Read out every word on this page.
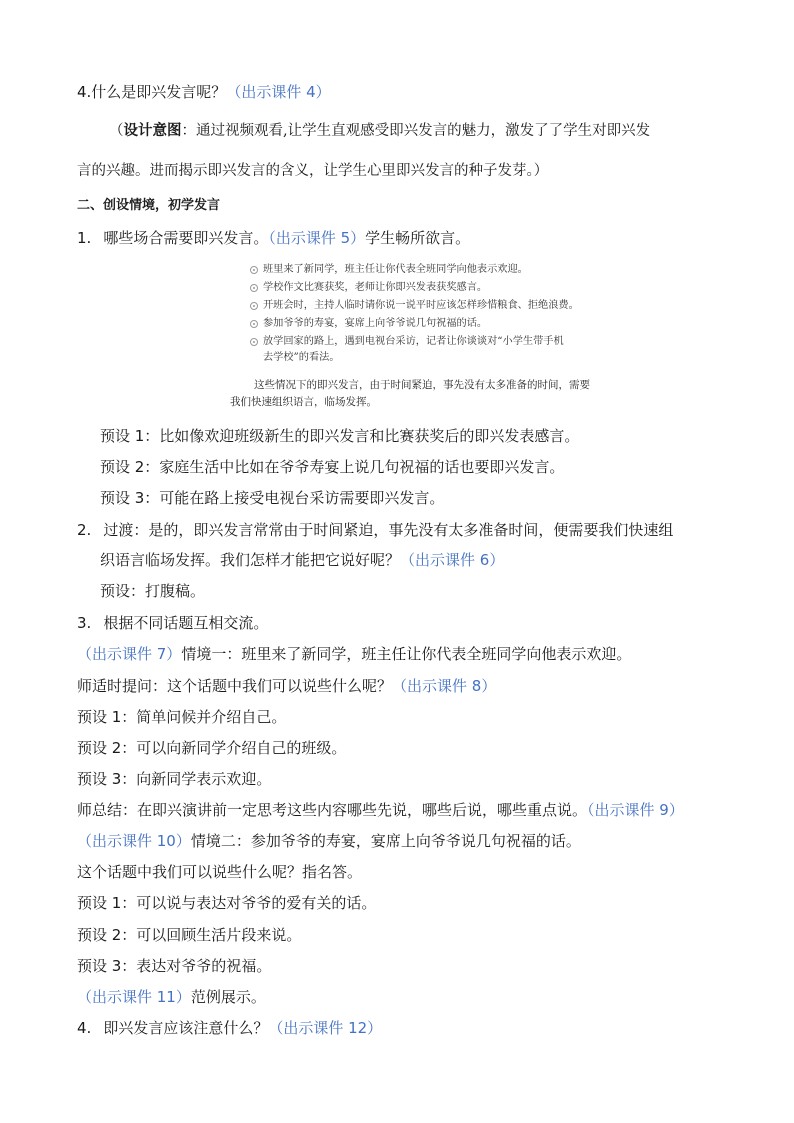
4.什么是即兴发言呢？（出示课件 4）
（设计意图：通过视频观看,让学生直观感受即兴发言的魅力，激发了了学生对即兴发
言的兴趣。进而揭示即兴发言的含义，让学生心里即兴发言的种子发芽。）
二、创设情境，初学发言
1. 哪些场合需要即兴发言。（出示课件 5）学生畅所欲言。
班里来了新同学，班主任让你代表全班同学向他表示欢迎。
学校作文比赛获奖，老师让你即兴发表获奖感言。
开班会时，主持人临时请你说一说平时应该怎样珍惜粮食、拒绝浪费。
参加爷爷的寿宴，宴席上向爷爷说几句祝福的话。
放学回家的路上，遇到电视台采访，记者让你谈谈对“小学生带手机
去学校”的看法。
这些情况下的即兴发言，由于时间紧迫，事先没有太多准备的时间，需要
我们快速组织语言，临场发挥。
预设 1：比如像欢迎班级新生的即兴发言和比赛获奖后的即兴发表感言。
预设 2：家庭生活中比如在爷爷寿宴上说几句祝福的话也要即兴发言。
预设 3：可能在路上接受电视台采访需要即兴发言。
2. 过渡：是的，即兴发言常常由于时间紧迫，事先没有太多准备时间，便需要我们快速组
织语言临场发挥。我们怎样才能把它说好呢？（出示课件 6）
预设：打腹稿。
3. 根据不同话题互相交流。
（出示课件 7）情境一：班里来了新同学，班主任让你代表全班同学向他表示欢迎。
师适时提问：这个话题中我们可以说些什么呢？（出示课件 8）
预设 1：简单问候并介绍自己。
预设 2：可以向新同学介绍自己的班级。
预设 3：向新同学表示欢迎。
师总结：在即兴演讲前一定思考这些内容哪些先说，哪些后说，哪些重点说。（出示课件 9）
（出示课件 10）情境二：参加爷爷的寿宴，宴席上向爷爷说几句祝福的话。
这个话题中我们可以说些什么呢？指名答。
预设 1：可以说与表达对爷爷的爱有关的话。
预设 2：可以回顾生活片段来说。
预设 3：表达对爷爷的祝福。
（出示课件 11）范例展示。
4. 即兴发言应该注意什么？（出示课件 12）
